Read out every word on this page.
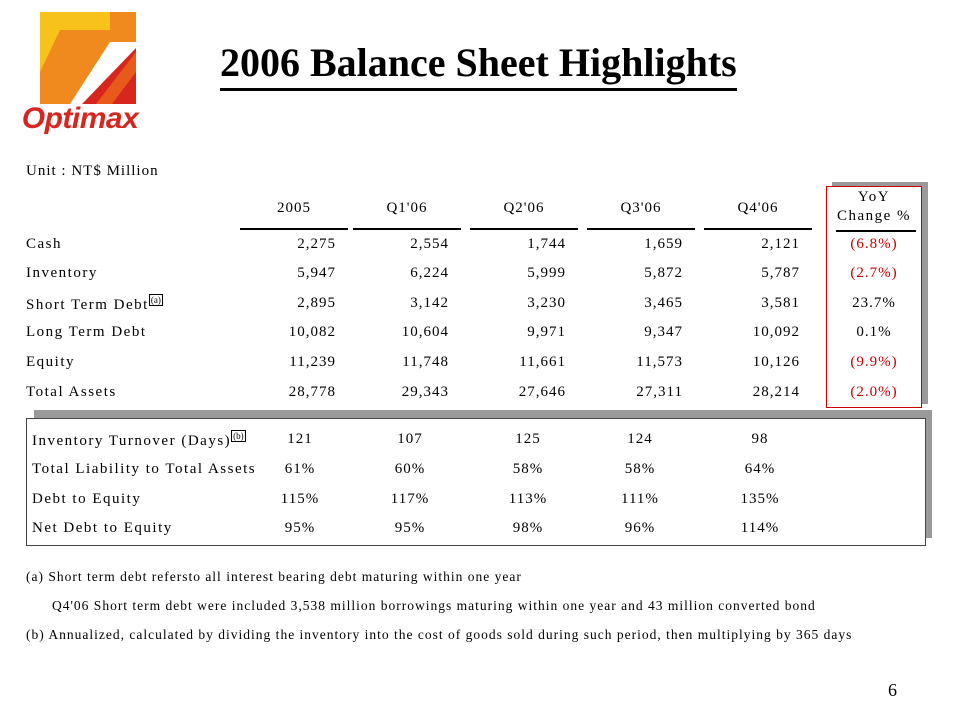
Optimax
2006 Balance Sheet Highlights
Unit : NT$ Million
2005	Q1'06	Q2'06	Q3'06	Q4'06
YoY
Change %
Cash	2,275	2,554	1,744	1,659	2,121	(6.8%)
Inventory	5,947	6,224	5,999	5,872	5,787	(2.7%)
Short Term Debt $^{(a)}$	2,895	3,142	3,230	3,465	3,581	23.7%
Long Term Debt	10,082	10,604	9,971	9,347	10,092	0.1%
Equity	11,239	11,748	11,661	11,573	10,126	(9.9%)
Total Assets	28,778	29,343	27,646	27,311	28,214	(2.0%)
Inventory Turnover (Days) $^{(b)}$	121	107	125	124	98
Total Liability to Total Assets	61%	60%	58%	58%	64%
Debt to Equity	115%	117%	113%	111%	135%
Net Debt to Equity	95%	95%	98%	96%	114%
(a) Short term debt refersto all interest bearing debt maturing within one year
Q4'06 Short term debt were included 3,538 million borrowings maturing within one year and 43 million converted bond
(b) Annualized, calculated by dividing the inventory into the cost of goods sold during such period, then multiplying by 365 days
6
